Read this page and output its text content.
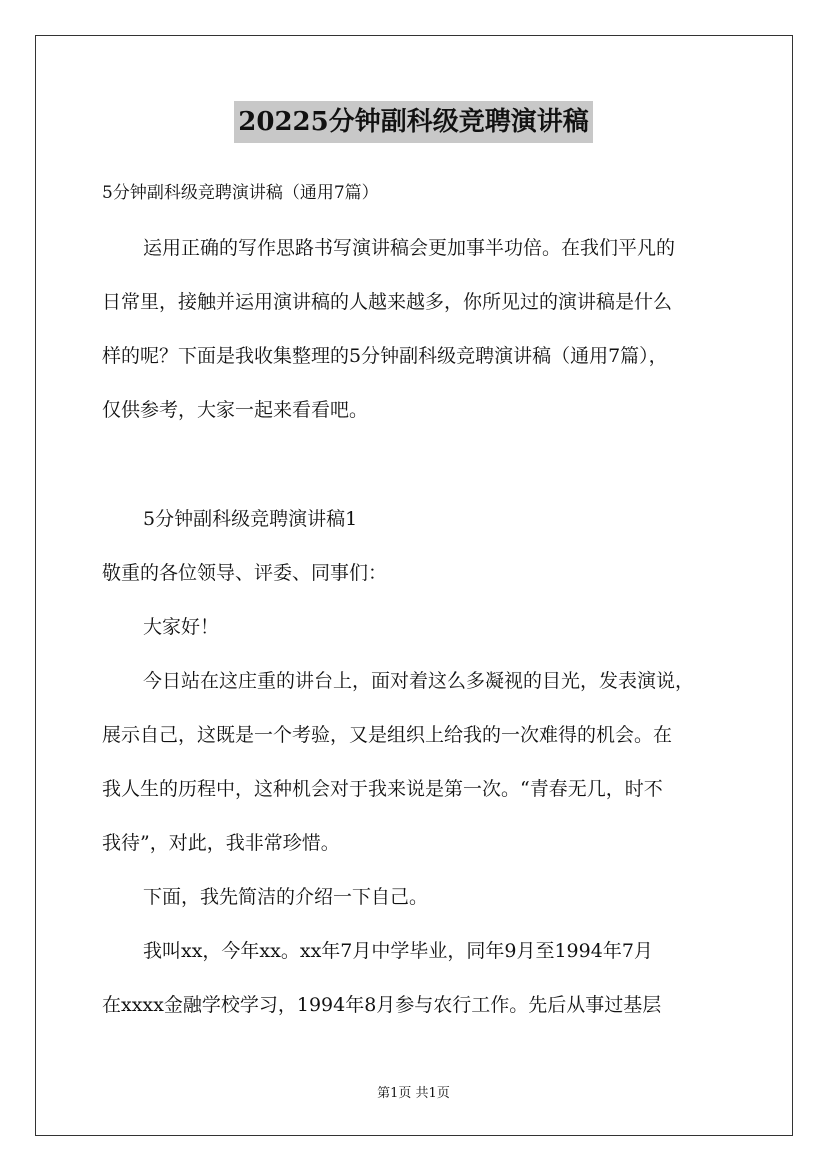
20225分钟副科级竞聘演讲稿
5分钟副科级竞聘演讲稿（通用7篇）
运用正确的写作思路书写演讲稿会更加事半功倍。在我们平凡的
日常里，接触并运用演讲稿的人越来越多，你所见过的演讲稿是什么
样的呢？下面是我收集整理的5分钟副科级竞聘演讲稿（通用7篇），
仅供参考，大家一起来看看吧。
5分钟副科级竞聘演讲稿1
敬重的各位领导、评委、同事们：
大家好！
今日站在这庄重的讲台上，面对着这么多凝视的目光，发表演说，
展示自己，这既是一个考验，又是组织上给我的一次难得的机会。在
我人生的历程中，这种机会对于我来说是第一次。“青春无几，时不
我待”，对此，我非常珍惜。
下面，我先简洁的介绍一下自己。
我叫xx，今年xx。xx年7月中学毕业，同年9月至1994年7月
在xxxx金融学校学习，1994年8月参与农行工作。先后从事过基层
第1页 共1页
